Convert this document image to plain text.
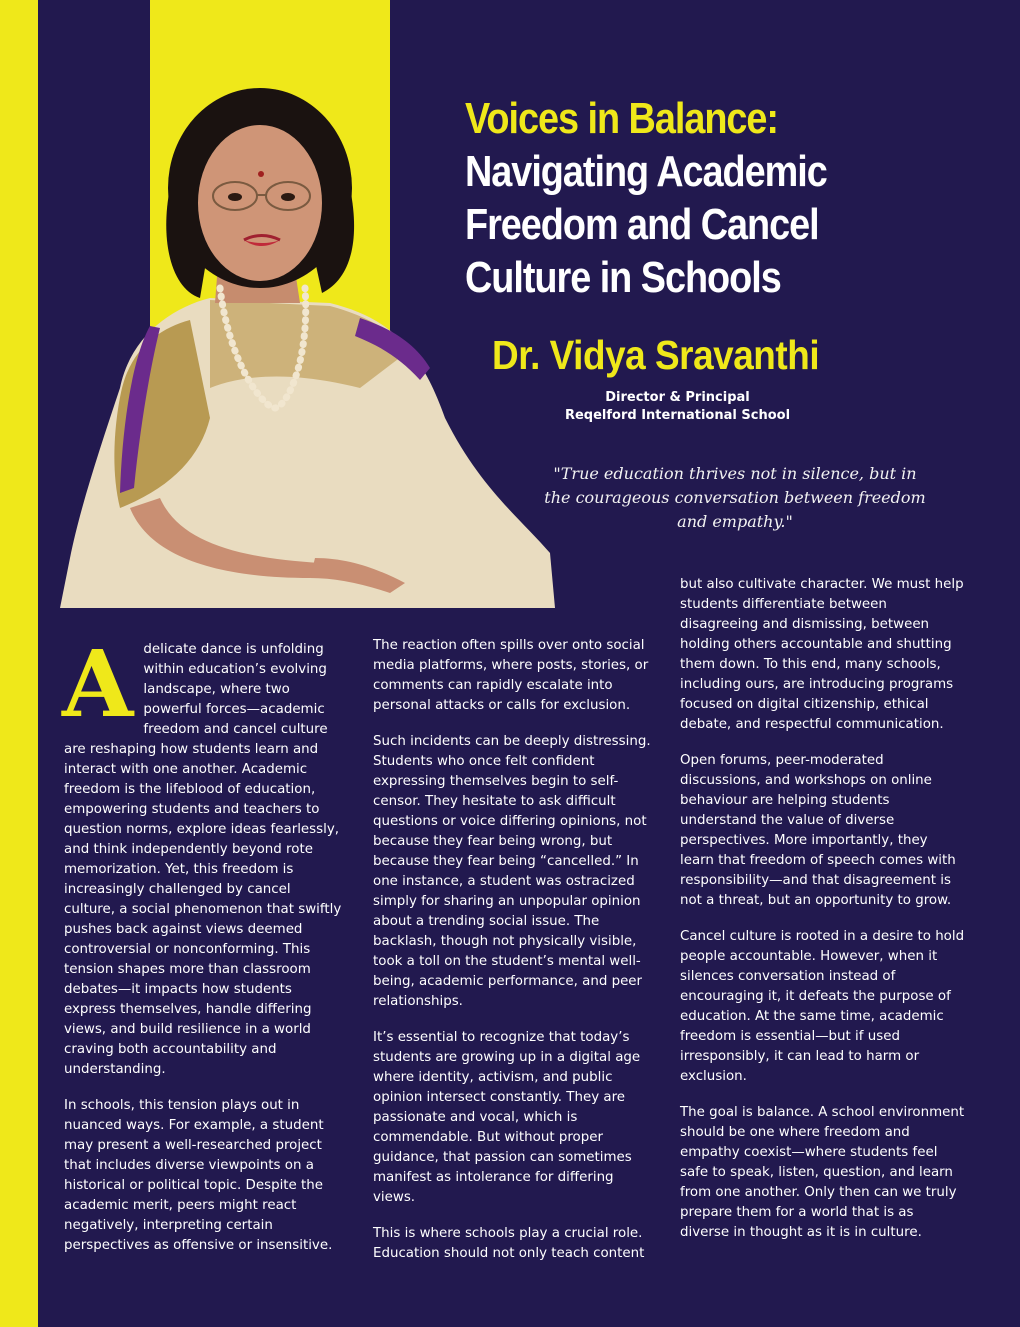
Voices in Balance:
Navigating Academic Freedom and Cancel Culture in Schools
Dr. Vidya Sravanthi
Director & Principal
Reqelford International School
"True education thrives not in silence, but in the courageous conversation between freedom and empathy."

Adelicate dance is unfolding within education’s evolving landscape, where two powerful forces—academic freedom and cancel culture are reshaping how students learn and interact with one another. Academic freedom is the lifeblood of education, empowering students and teachers to question norms, explore ideas fearlessly, and think independently beyond rote memorization. Yet, this freedom is increasingly challenged by cancel culture, a social phenomenon that swiftly pushes back against views deemed controversial or nonconforming. This tension shapes more than classroom debates—it impacts how students express themselves, handle differing views, and build resilience in a world craving both accountability and understanding.

In schools, this tension plays out in nuanced ways. For example, a student may present a well-researched project that includes diverse viewpoints on a historical or political topic. Despite the academic merit, peers might react negatively, interpreting certain perspectives as offensive or insensitive.

The reaction often spills over onto social media platforms, where posts, stories, or comments can rapidly escalate into personal attacks or calls for exclusion.

Such incidents can be deeply distressing. Students who once felt confident expressing themselves begin to self-censor. They hesitate to ask difficult questions or voice differing opinions, not because they fear being wrong, but because they fear being “cancelled.” In one instance, a student was ostracized simply for sharing an unpopular opinion about a trending social issue. The backlash, though not physically visible, took a toll on the student’s mental well-being, academic performance, and peer relationships.

It’s essential to recognize that today’s students are growing up in a digital age where identity, activism, and public opinion intersect constantly. They are passionate and vocal, which is commendable. But without proper guidance, that passion can sometimes manifest as intolerance for differing views.

This is where schools play a crucial role. Education should not only teach content

but also cultivate character. We must help students differentiate between disagreeing and dismissing, between holding others accountable and shutting them down. To this end, many schools, including ours, are introducing programs focused on digital citizenship, ethical debate, and respectful communication.

Open forums, peer-moderated discussions, and workshops on online behaviour are helping students understand the value of diverse perspectives. More importantly, they learn that freedom of speech comes with responsibility—and that disagreement is not a threat, but an opportunity to grow.

Cancel culture is rooted in a desire to hold people accountable. However, when it silences conversation instead of encouraging it, it defeats the purpose of education. At the same time, academic freedom is essential—but if used irresponsibly, it can lead to harm or exclusion.

The goal is balance. A school environment should be one where freedom and empathy coexist—where students feel safe to speak, listen, question, and learn from one another. Only then can we truly prepare them for a world that is as diverse in thought as it is in culture.
